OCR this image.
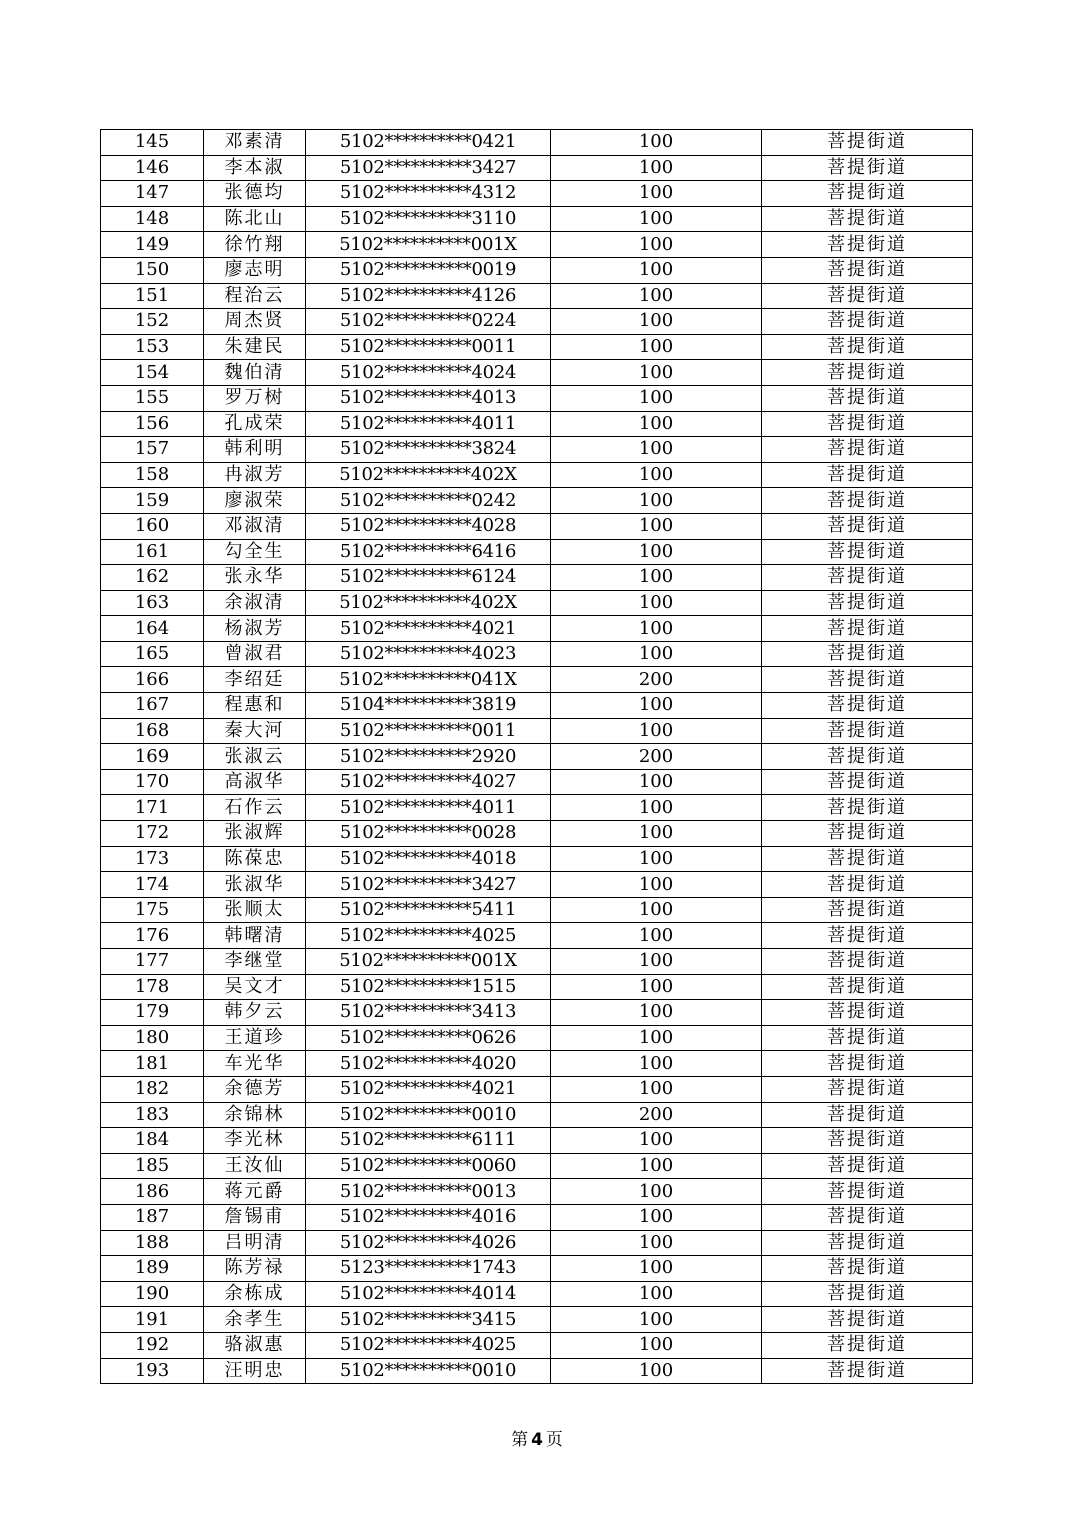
145	邓素清	5102**********0421	100	菩提街道
146	李本淑	5102**********3427	100	菩提街道
147	张德均	5102**********4312	100	菩提街道
148	陈北山	5102**********3110	100	菩提街道
149	徐竹翔	5102**********001X	100	菩提街道
150	廖志明	5102**********0019	100	菩提街道
151	程治云	5102**********4126	100	菩提街道
152	周杰贤	5102**********0224	100	菩提街道
153	朱建民	5102**********0011	100	菩提街道
154	魏伯清	5102**********4024	100	菩提街道
155	罗万树	5102**********4013	100	菩提街道
156	孔成荣	5102**********4011	100	菩提街道
157	韩利明	5102**********3824	100	菩提街道
158	冉淑芳	5102**********402X	100	菩提街道
159	廖淑荣	5102**********0242	100	菩提街道
160	邓淑清	5102**********4028	100	菩提街道
161	勾全生	5102**********6416	100	菩提街道
162	张永华	5102**********6124	100	菩提街道
163	余淑清	5102**********402X	100	菩提街道
164	杨淑芳	5102**********4021	100	菩提街道
165	曾淑君	5102**********4023	100	菩提街道
166	李绍廷	5102**********041X	200	菩提街道
167	程惠和	5104**********3819	100	菩提街道
168	秦大河	5102**********0011	100	菩提街道
169	张淑云	5102**********2920	200	菩提街道
170	高淑华	5102**********4027	100	菩提街道
171	石作云	5102**********4011	100	菩提街道
172	张淑辉	5102**********0028	100	菩提街道
173	陈葆忠	5102**********4018	100	菩提街道
174	张淑华	5102**********3427	100	菩提街道
175	张顺太	5102**********5411	100	菩提街道
176	韩曙清	5102**********4025	100	菩提街道
177	李继堂	5102**********001X	100	菩提街道
178	吴文才	5102**********1515	100	菩提街道
179	韩夕云	5102**********3413	100	菩提街道
180	王道珍	5102**********0626	100	菩提街道
181	车光华	5102**********4020	100	菩提街道
182	余德芳	5102**********4021	100	菩提街道
183	余锦林	5102**********0010	200	菩提街道
184	李光林	5102**********6111	100	菩提街道
185	王汝仙	5102**********0060	100	菩提街道
186	蒋元爵	5102**********0013	100	菩提街道
187	詹锡甫	5102**********4016	100	菩提街道
188	吕明清	5102**********4026	100	菩提街道
189	陈芳禄	5123**********1743	100	菩提街道
190	余栋成	5102**********4014	100	菩提街道
191	余孝生	5102**********3415	100	菩提街道
192	骆淑惠	5102**********4025	100	菩提街道
193	汪明忠	5102**********0010	100	菩提街道
第 4 页
